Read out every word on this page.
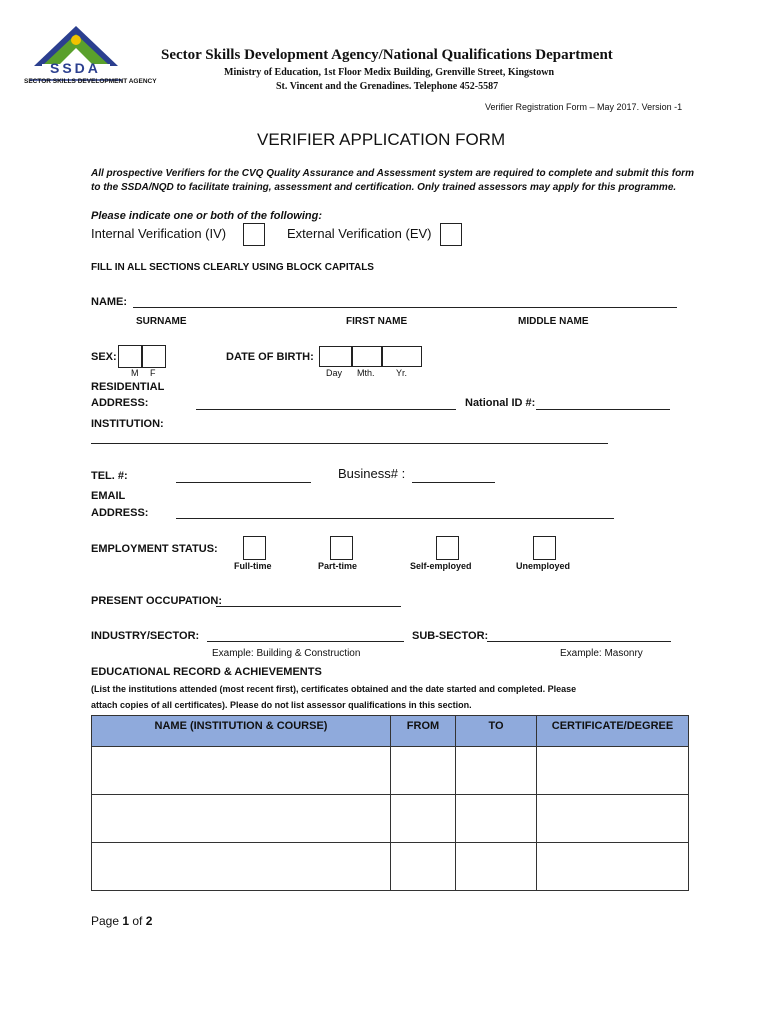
SSDA
SECTOR SKILLS DEVELOPMENT AGENCY
Sector Skills Development Agency/National Qualifications Department
Ministry of Education, 1st Floor Medix Building, Grenville Street, Kingstown
St. Vincent and the Grenadines. Telephone 452-5587
Verifier Registration Form – May 2017. Version -1
VERIFIER APPLICATION FORM
All prospective Verifiers for the CVQ Quality Assurance and Assessment system are required to complete and submit this form
to the SSDA/NQD to facilitate training, assessment and certification. Only trained assessors may apply for this programme.
Please indicate one or both of the following:
Internal Verification (IV)	External Verification (EV)
FILL IN ALL SECTIONS CLEARLY USING BLOCK CAPITALS
NAME:
SURNAME	FIRST NAME	MIDDLE NAME
SEX:
M F
DATE OF BIRTH:
Day Mth. Yr.
RESIDENTIAL
ADDRESS:	National ID #:
INSTITUTION:
TEL. #:	Business# :
EMAIL
ADDRESS:
EMPLOYMENT STATUS:
Full-time	Part-time	Self-employed	Unemployed
PRESENT OCCUPATION:
INDUSTRY/SECTOR:
Example: Building & Construction
SUB-SECTOR:
Example: Masonry
EDUCATIONAL RECORD & ACHIEVEMENTS
(List the institutions attended (most recent first), certificates obtained and the date started and completed. Please
attach copies of all certificates). Please do not list assessor qualifications in this section.
NAME (INSTITUTION & COURSE)	FROM	TO	CERTIFICATE/DEGREE

Page 1 of 2
